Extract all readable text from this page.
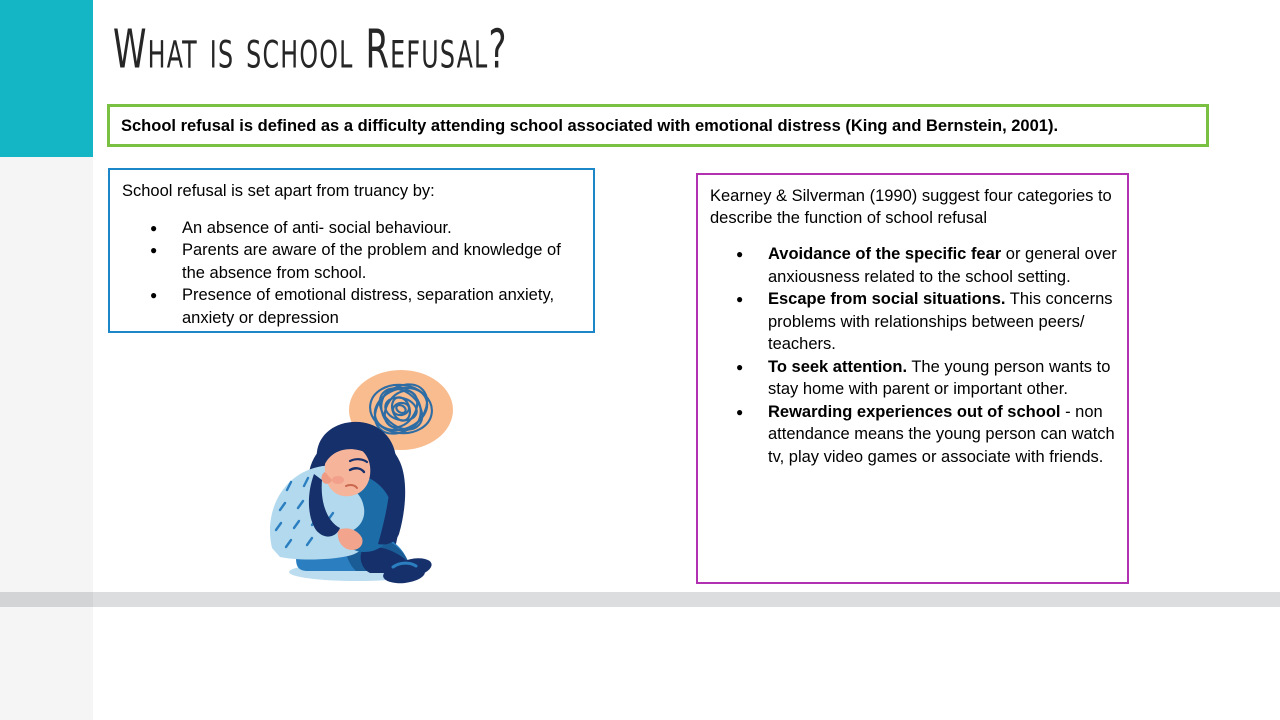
What is school Refusal?
School refusal is defined as a difficulty attending school associated with emotional distress (King and Bernstein, 2001).

School refusal is set apart from truancy by:

● An absence of anti- social behaviour.
● Parents are aware of the problem and knowledge of the absence from school.
● Presence of emotional distress, separation anxiety, anxiety or depression

Kearney & Silverman (1990) suggest four categories to describe the function of school refusal

● Avoidance of the specific fear or general over anxiousness related to the school setting.
● Escape from social situations. This concerns problems with relationships between peers/ teachers.
● To seek attention. The young person wants to stay home with parent or important other.
● Rewarding experiences out of school - non attendance means the young person can watch tv, play video games or associate with friends.
